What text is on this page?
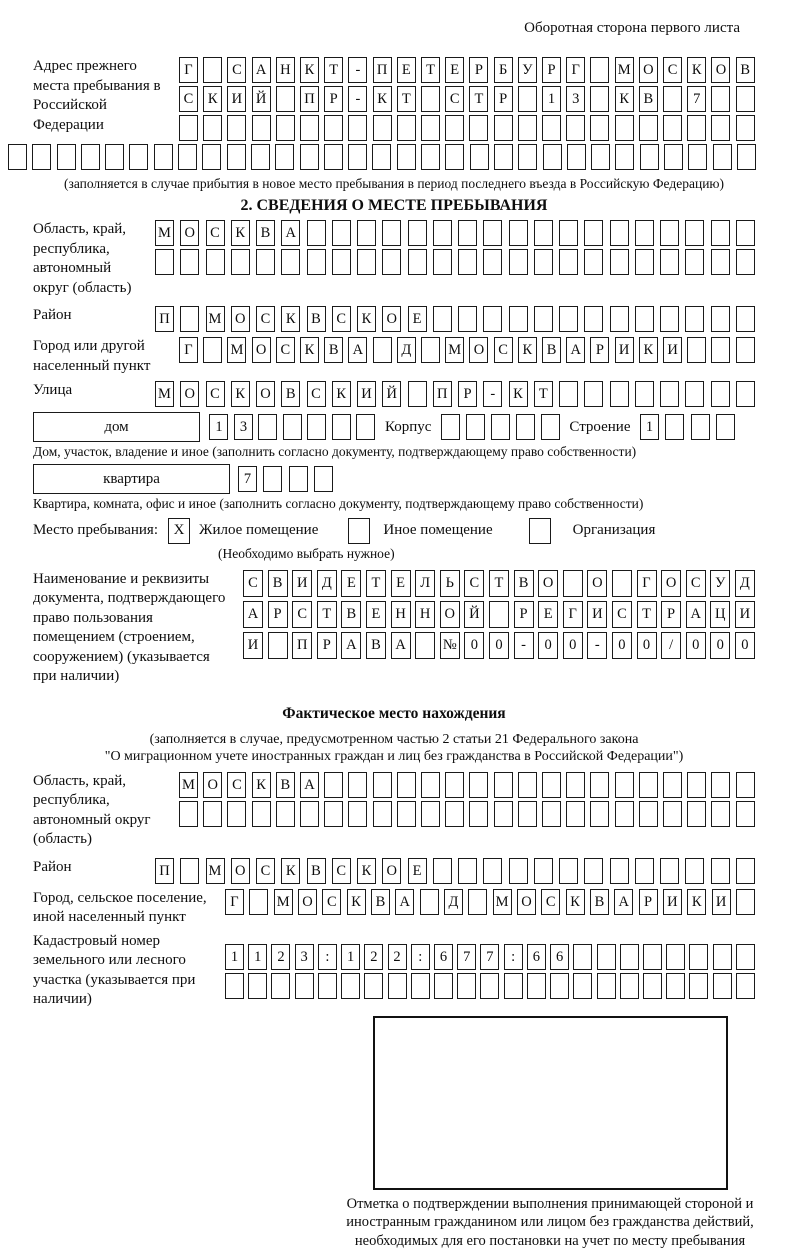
Оборотная сторона первого листа
Адрес прежнего места пребывания в Российской Федерации
Г	С А Н К	Т	-	П	Е	Т	Е	Р	Б	У	Р	Г	М О С	К О В
С	К И Й	П	Р	-	К	Т	С	Т	Р	1	3	К	В	7
(заполняется в случае прибытия в новое место пребывания в период последнего въезда в Российскую Федерацию)
2. СВЕДЕНИЯ О МЕСТЕ ПРЕБЫВАНИЯ
Область, край, республика, автономный округ (область)
М О	С	К	В	А
Район	П	М О	С	К	В	С	К	О	Е
Город или другой населенный пункт
Г	М О С	К	В А	Д	М О С	К	В А	Р	И К И
Улица	М О	С	К	О	В	С	К	И Й	П	Р	-	К	Т
дом	1	3	Корпус	Строение	1
Дом, участок, владение и иное (заполнить согласно документу, подтверждающему право собственности)
квартира	7
Квартира, комната, офис и иное (заполнить согласно документу, подтверждающему право собственности)
Место пребывания:	X Жилое помещение	Иное помещение	Организация
(Необходимо выбрать нужное)
Наименование и реквизиты документа, подтверждающего право пользования помещением (строением, сооружением) (указывается при наличии)
С	В	И Д	Е	Т	Е	Л	Ь	С	Т	В	О	О	Г	О	С	У	Д
А	Р	С	Т	В	Е	Н Н О Й	Р	Е	Г	И	С	Т	Р	А Ц И
И	П	Р	А	В	А	№ 0	0	-	0	0	-	0	0	/	0	0	0
Фактическое место нахождения
(заполняется в случае, предусмотренном частью 2 статьи 21 Федерального закона
"О миграционном учете иностранных граждан и лиц без гражданства в Российской Федерации")
Область, край, республика, автономный округ (область)
М О С	К	В А
Район	П	М О	С	К	В	С	К	О	Е
Город, сельское поселение, иной населенный пункт
Г	М О С	К	В А	Д	М О С	К	В А	Р	И К И
Кадастровый номер земельного или лесного участка (указывается при наличии)
1	1	2	3	:	1	2	2	:	6	7	7	:	6	6
Отметка о подтверждении выполнения принимающей стороной и иностранным гражданином или лицом без гражданства действий, необходимых для его постановки на учет по месту пребывания
